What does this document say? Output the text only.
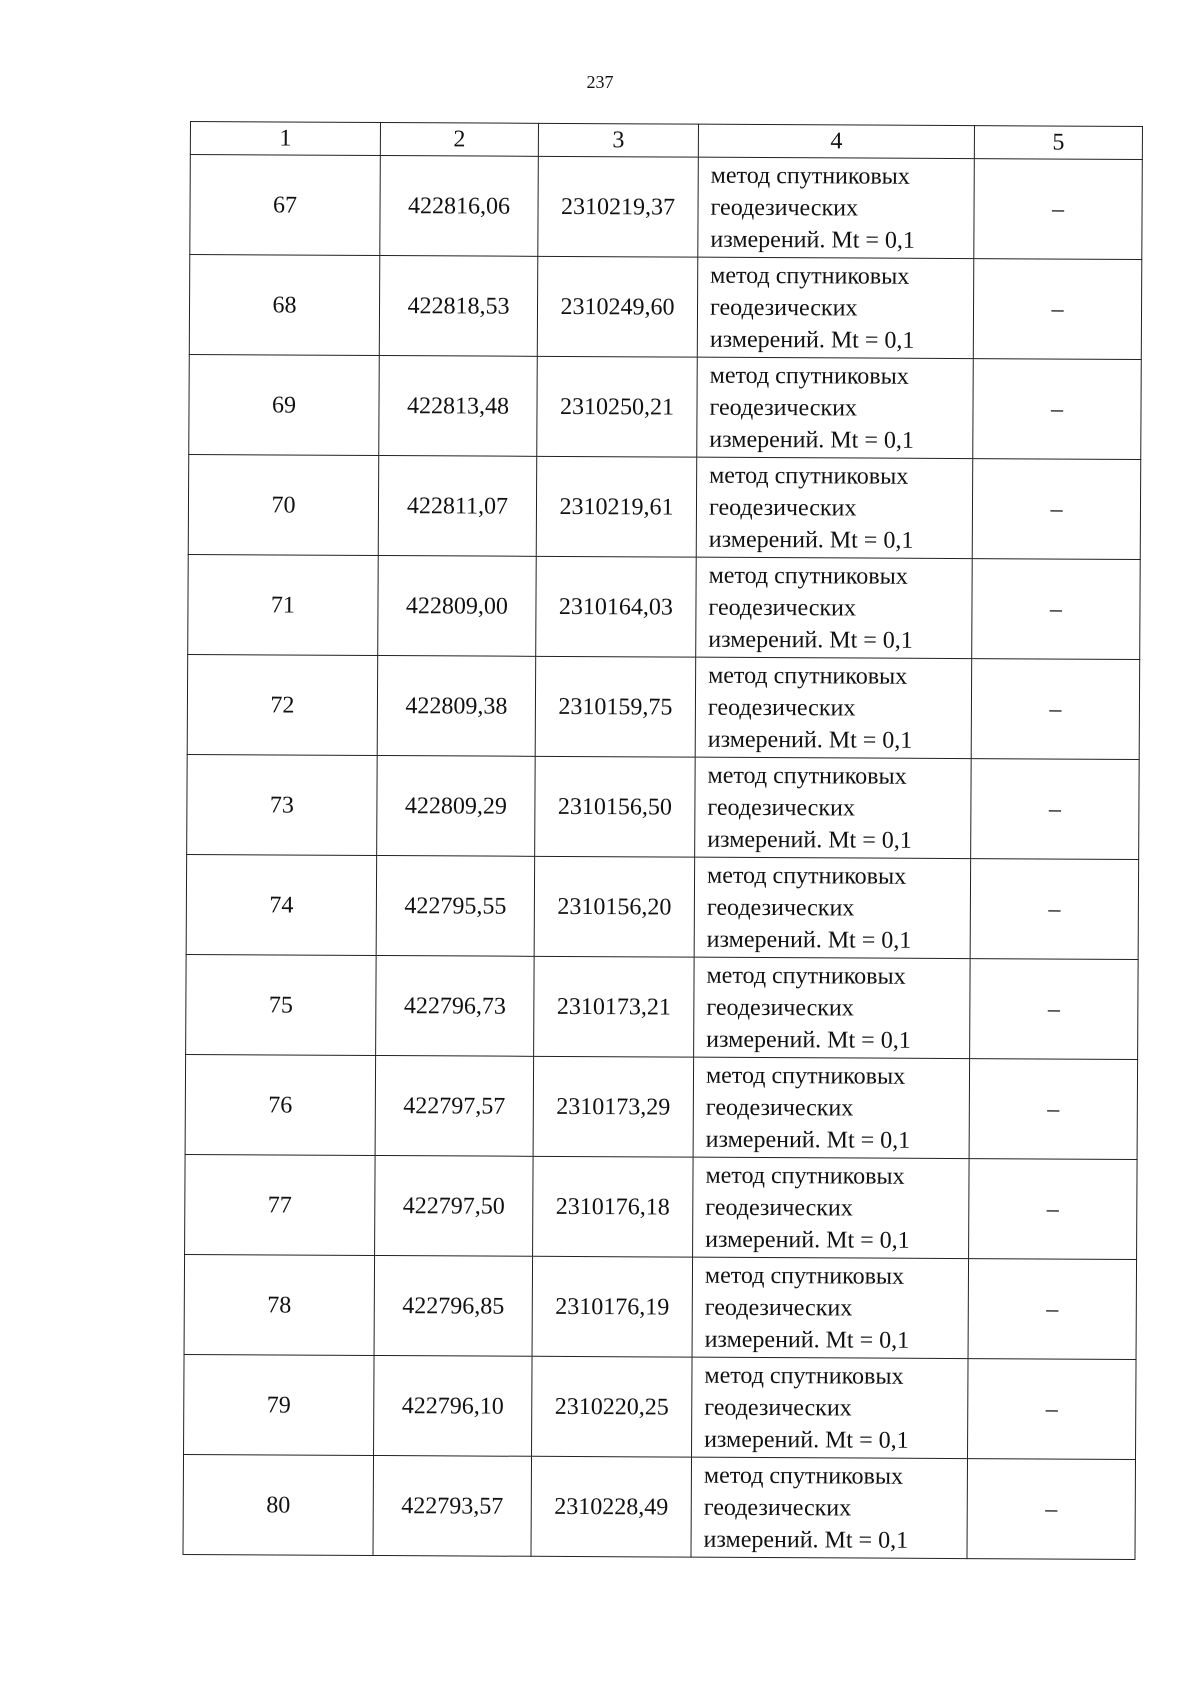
237
1	2	3	4	5
67	422816,06	2310219,37	метод спутниковых
геодезических
измерений. Mt = 0,1	–
68	422818,53	2310249,60	метод спутниковых
геодезических
измерений. Mt = 0,1	–
69	422813,48	2310250,21	метод спутниковых
геодезических
измерений. Mt = 0,1	–
70	422811,07	2310219,61	метод спутниковых
геодезических
измерений. Mt = 0,1	–
71	422809,00	2310164,03	метод спутниковых
геодезических
измерений. Mt = 0,1	–
72	422809,38	2310159,75	метод спутниковых
геодезических
измерений. Mt = 0,1	–
73	422809,29	2310156,50	метод спутниковых
геодезических
измерений. Mt = 0,1	–
74	422795,55	2310156,20	метод спутниковых
геодезических
измерений. Mt = 0,1	–
75	422796,73	2310173,21	метод спутниковых
геодезических
измерений. Mt = 0,1	–
76	422797,57	2310173,29	метод спутниковых
геодезических
измерений. Mt = 0,1	–
77	422797,50	2310176,18	метод спутниковых
геодезических
измерений. Mt = 0,1	–
78	422796,85	2310176,19	метод спутниковых
геодезических
измерений. Mt = 0,1	–
79	422796,10	2310220,25	метод спутниковых
геодезических
измерений. Mt = 0,1	–
80	422793,57	2310228,49	метод спутниковых
геодезических
измерений. Mt = 0,1	–
